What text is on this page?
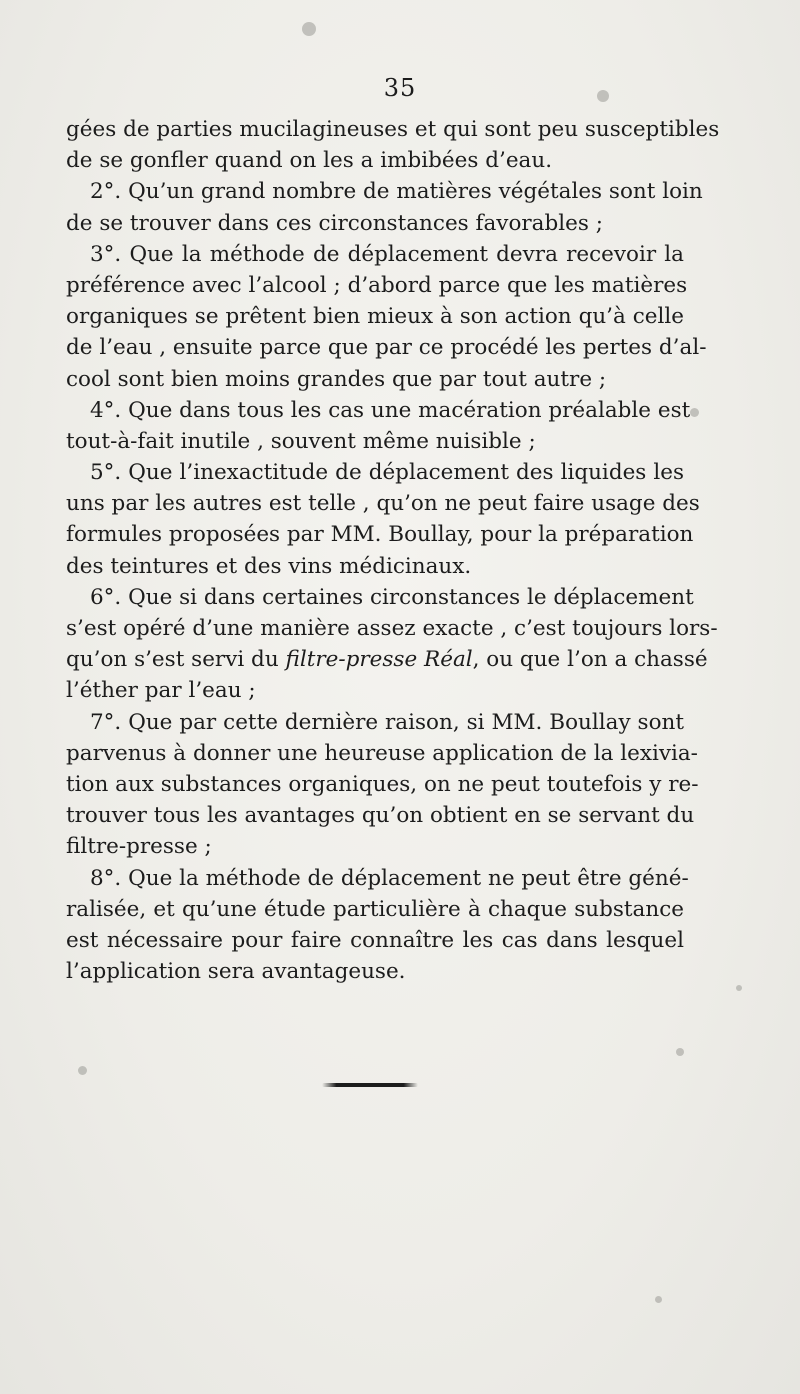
35
gées de parties mucilagineuses et qui sont peu susceptibles
de se gonfler quand on les a imbibées d’eau.
2°. Qu’un grand nombre de matières végétales sont loin
de se trouver dans ces circonstances favorables ;
3°. Que la méthode de déplacement devra recevoir la
préférence avec l’alcool ; d’abord parce que les matières
organiques se prêtent bien mieux à son action qu’à celle
de l’eau , ensuite parce que par ce procédé les pertes d’al-
cool sont bien moins grandes que par tout autre ;
4°. Que dans tous les cas une macération préalable est
tout-à-fait inutile , souvent même nuisible ;
5°. Que l’inexactitude de déplacement des liquides les
uns par les autres est telle , qu’on ne peut faire usage des
formules proposées par MM. Boullay, pour la préparation
des teintures et des vins médicinaux.
6°. Que si dans certaines circonstances le déplacement
s’est opéré d’une manière assez exacte , c’est toujours lors-
qu’on s’est servi du filtre-presse Réal, ou que l’on a chassé
l’éther par l’eau ;
7°. Que par cette dernière raison, si MM. Boullay sont
parvenus à donner une heureuse application de la lexivia-
tion aux substances organiques, on ne peut toutefois y re-
trouver tous les avantages qu’on obtient en se servant du
filtre-presse ;
8°. Que la méthode de déplacement ne peut être géné-
ralisée, et qu’une étude particulière à chaque substance
est nécessaire pour faire connaître les cas dans lesquel
l’application sera avantageuse.
